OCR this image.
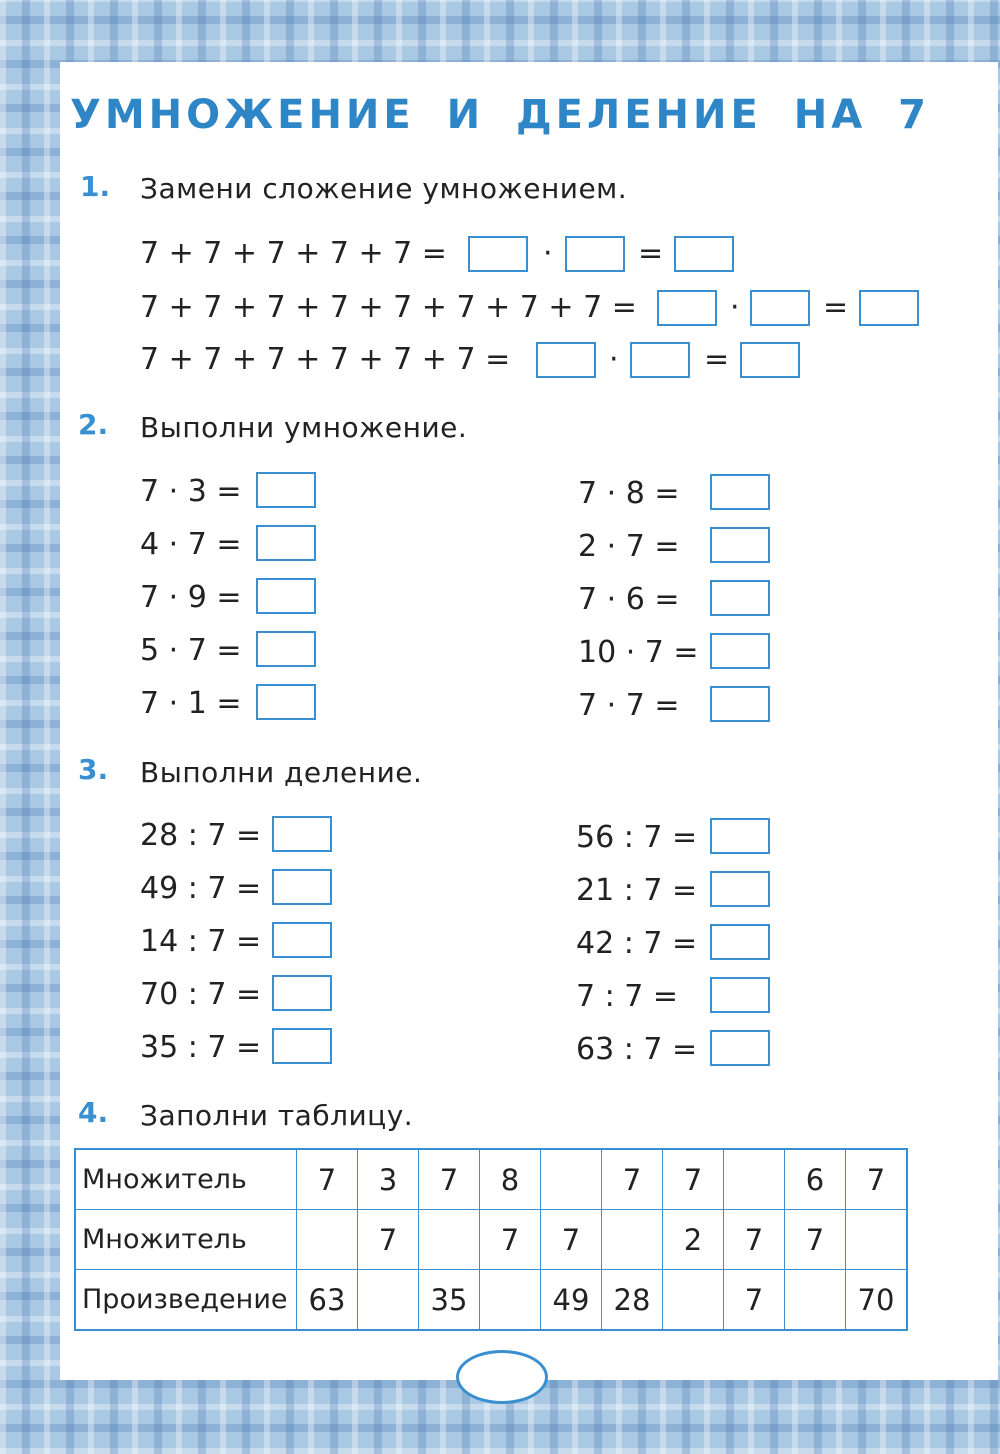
УМНОЖЕНИЕ И ДЕЛЕНИЕ НА 7
1. Замени сложение умножением.
7 + 7 + 7 + 7 + 7 =	·	=
7 + 7 + 7 + 7 + 7 + 7 + 7 + 7 =	·	=
7 + 7 + 7 + 7 + 7 + 7 =	·	=
2. Выполни умножение.
7 · 3 =
4 · 7 =
7 · 9 =
5 · 7 =
7 · 1 =
7 · 8 =
2 · 7 =
7 · 6 =
10 · 7 =
7 · 7 =
3. Выполни деление.
28 : 7 =
49 : 7 =
14 : 7 =
70 : 7 =
35 : 7 =
56 : 7 =
21 : 7 =
42 : 7 =
7 : 7 =
63 : 7 =
4. Заполни таблицу.
Множитель	7	3	7	8		7	7		6	7
Множитель		7		7	7		2	7	7	
Произведение	63		35		49	28		7		70
